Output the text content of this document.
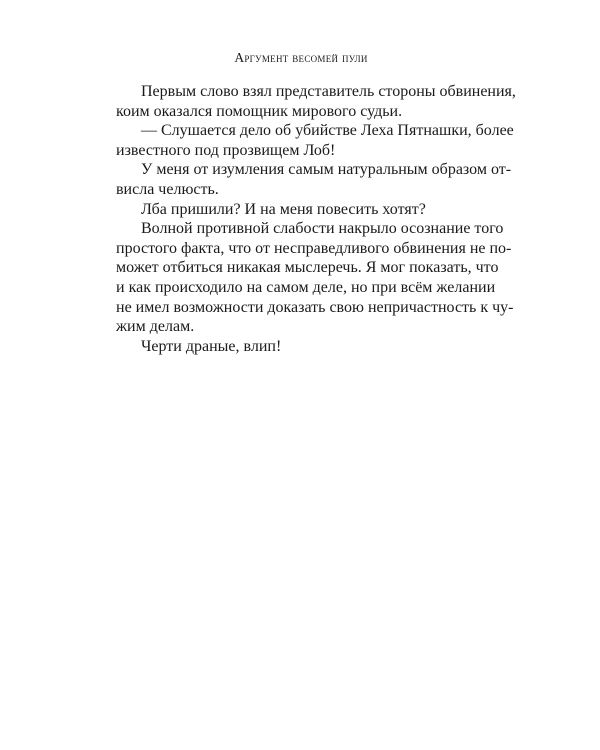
Аргумент весомей пули
Первым слово взял представитель стороны обвинения,
коим оказался помощник мирового судьи.
— Слушается дело об убийстве Леха Пятнашки, более
известного под прозвищем Лоб!
У меня от изумления самым натуральным образом от-
висла челюсть.
Лба пришили? И на меня повесить хотят?
Волной противной слабости накрыло осознание того
простого факта, что от несправедливого обвинения не по-
может отбиться никакая мыслеречь. Я мог показать, что
и как происходило на самом деле, но при всём желании
не имел возможности доказать свою непричастность к чу-
жим делам.
Черти драные, влип!
